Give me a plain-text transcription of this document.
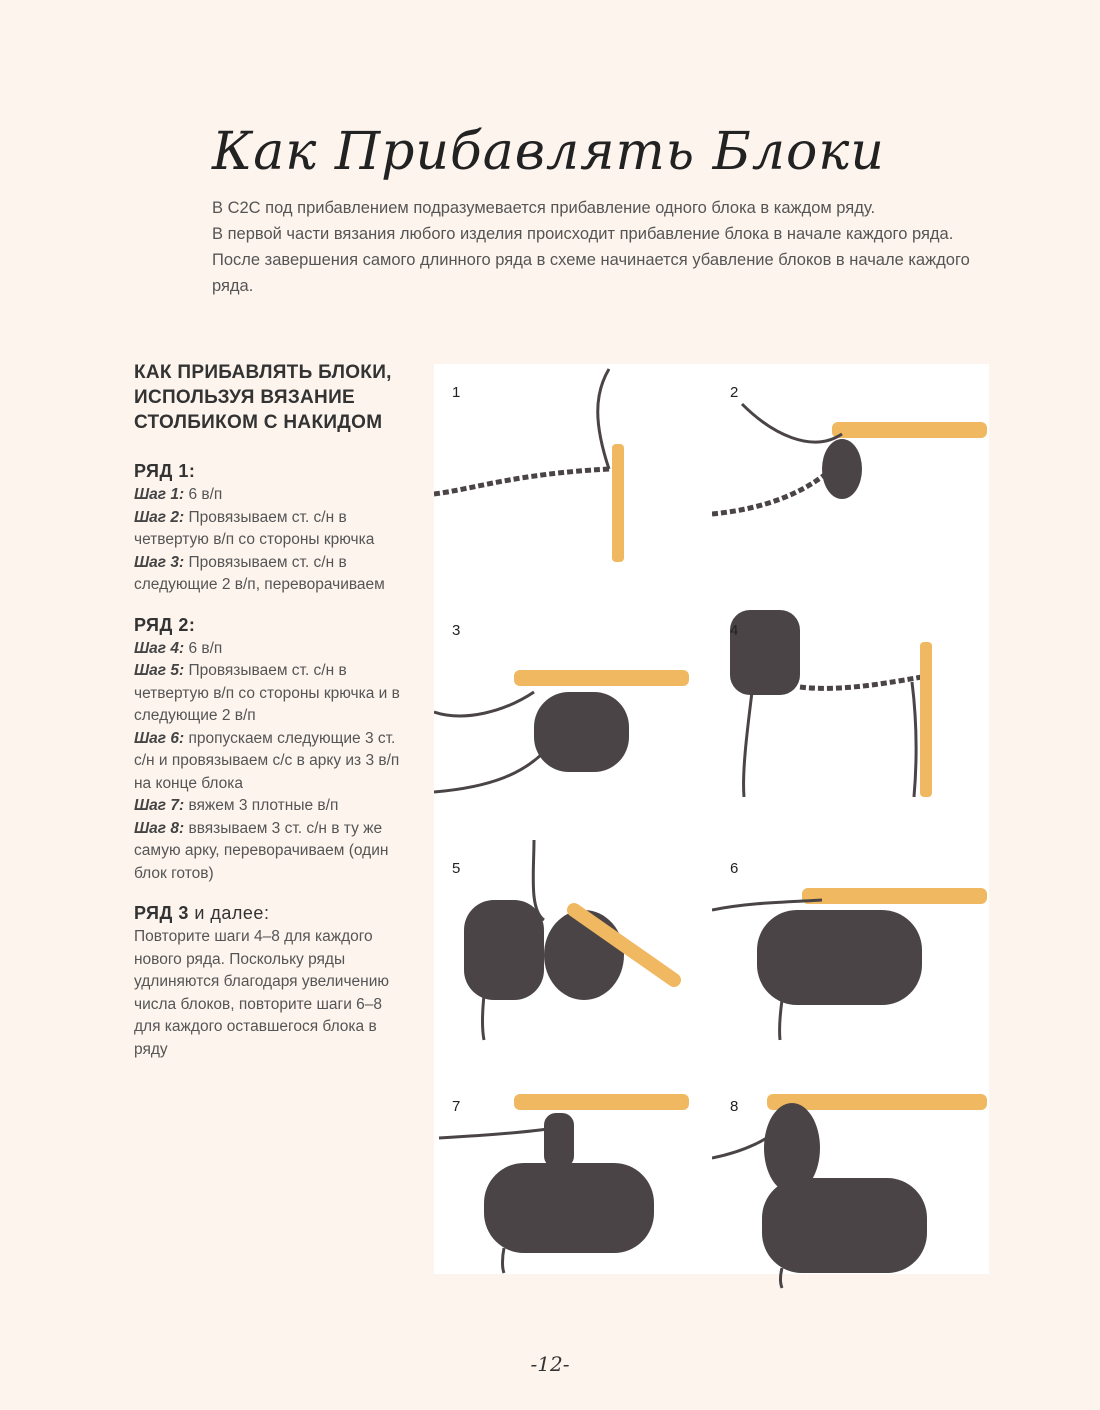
Как Прибавлять Блоки

В C2C под прибавлением подразумевается прибавление одного блока в каждом ряду.

В первой части вязания любого изделия происходит прибавление блока в начале каждого ряда. После завершения самого длинного ряда в схеме начинается убавление блоков в начале каждого ряда.

КАК ПРИБАВЛЯТЬ БЛОКИ, ИСПОЛЬЗУЯ ВЯЗАНИЕ СТОЛБИКОМ С НАКИДОМ
РЯД 1:

Шаг 1: 6 в/п

Шаг 2: Провязываем ст. с/н в четвертую в/п со стороны крючка

Шаг 3: Провязываем ст. с/н в следующие 2 в/п, переворачиваем

РЯД 2:

Шаг 4: 6 в/п

Шаг 5: Провязываем ст. с/н в четвертую в/п со стороны крючка и в следующие 2 в/п

Шаг 6: пропускаем следующие 3 ст. с/н и провязываем с/с в арку из 3 в/п на конце блока

Шаг 7: вяжем 3 плотные в/п

Шаг 8: ввязываем 3 ст. с/н в ту же самую арку, переворачиваем (один блок готов)

РЯД 3 и далее:

Повторите шаги 4–8 для каждого нового ряда. Поскольку ряды удлиняются благодаря увеличению числа блоков, повторите шаги 6–8 для каждого оставшегося блока в ряду

1	2
3	4
5	6
7	8
-12-
